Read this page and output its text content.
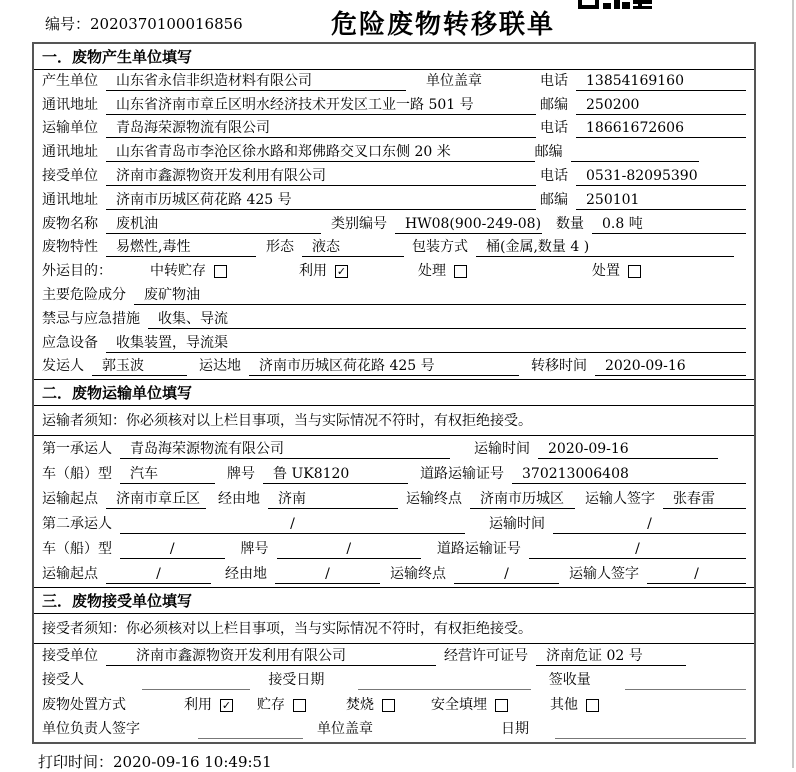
编号：2020370100016856	危险废物转移联单
一．废物产生单位填写
产生单位	山东省永信非织造材料有限公司	单位盖章	电话	13854169160
通讯地址	山东省济南市章丘区明水经济技术开发区工业一路 501 号	邮编	250200
运输单位	青岛海荣源物流有限公司	电话	18661672606
通讯地址	山东省青岛市李沧区徐水路和郑佛路交叉口东侧 20 米	邮编
接受单位	济南市鑫源物资开发利用有限公司	电话	0531-82095390
通讯地址	济南市历城区荷花路 425 号	邮编	250101
废物名称	废机油	类别编号	HW08(900-249-08) 数量	0.8 吨
废物特性	易燃性,毒性	形态	液态	包装方式	桶(金属,数量 4 )
外运目的：	中转贮存	利用 ✓	处理	处置
主要危险成分	废矿物油
禁忌与应急措施	收集、导流
应急设备	收集装置，导流渠
发运人	郭玉波	运达地	济南市历城区荷花路 425 号	转移时间	2020-09-16
二．废物运输单位填写
运输者须知：你必须核对以上栏目事项，当与实际情况不符时，有权拒绝接受。
第一承运人	青岛海荣源物流有限公司	运输时间	2020-09-16
车（船）型	汽车	牌号	鲁 UK8120	道路运输证号	370213006408
运输起点	济南市章丘区	经由地	济南	运输终点	济南市历城区	运输人签字	张春雷
第二承运人	/	运输时间	/
车（船）型	/	牌号	/	道路运输证号	/
运输起点	/	经由地	/	运输终点	/	运输人签字	/
三．废物接受单位填写
接受者须知：你必须核对以上栏目事项，当与实际情况不符时，有权拒绝接受。
接受单位	济南市鑫源物资开发利用有限公司	经营许可证号	济南危证 02 号
接受人	接受日期	签收量
废物处置方式	利用 ✓ 贮存	焚烧	安全填埋	其他
单位负责人签字	单位盖章	日期
打印时间：2020-09-16 10:49:51
